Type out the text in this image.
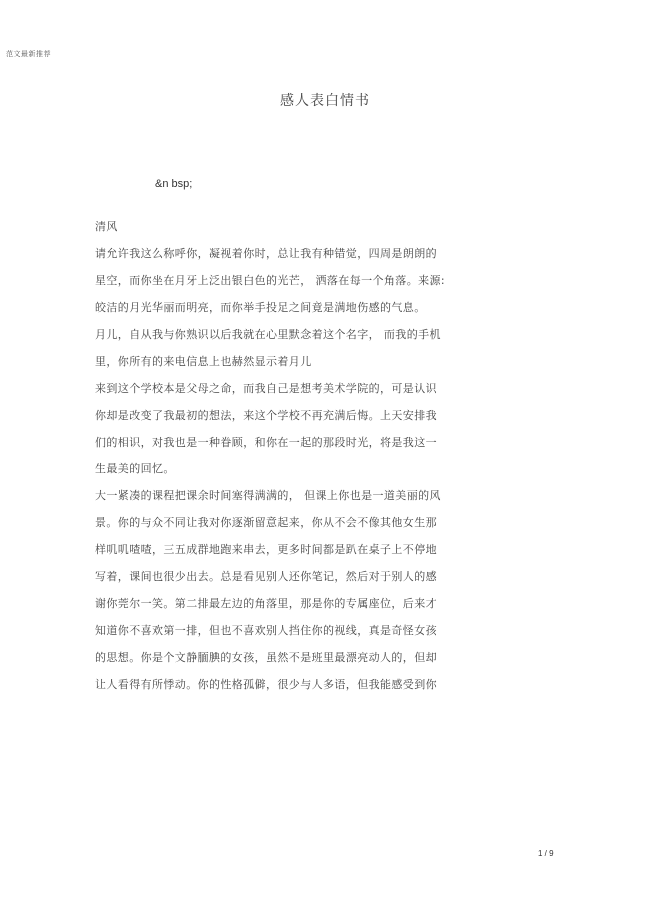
范文最新推荐
感人表白情书
&n bsp;
清风
请允许我这么称呼你，凝视着你时，总让我有种错觉，四周是朗朗的
星空，而你坐在月牙上泛出银白色的光芒， 洒落在每一个角落。来源:
皎洁的月光华丽而明亮，而你举手投足之间竟是满地伤感的气息。
月儿，自从我与你熟识以后我就在心里默念着这个名字， 而我的手机
里，你所有的来电信息上也赫然显示着月儿
来到这个学校本是父母之命，而我自己是想考美术学院的，可是认识
你却是改变了我最初的想法，来这个学校不再充满后悔。上天安排我
们的相识，对我也是一种眷顾，和你在一起的那段时光，将是我这一
生最美的回忆。
大一紧凑的课程把课余时间塞得满满的， 但课上你也是一道美丽的风
景。你的与众不同让我对你逐渐留意起来，你从不会不像其他女生那
样叽叽喳喳，三五成群地跑来串去，更多时间都是趴在桌子上不停地
写着，课间也很少出去。总是看见别人还你笔记，然后对于别人的感
谢你莞尔一笑。第二排最左边的角落里，那是你的专属座位，后来才
知道你不喜欢第一排，但也不喜欢别人挡住你的视线，真是奇怪女孩
的思想。你是个文静腼腆的女孩，虽然不是班里最漂亮动人的，但却
让人看得有所悸动。你的性格孤僻，很少与人多语，但我能感受到你
1 / 9
